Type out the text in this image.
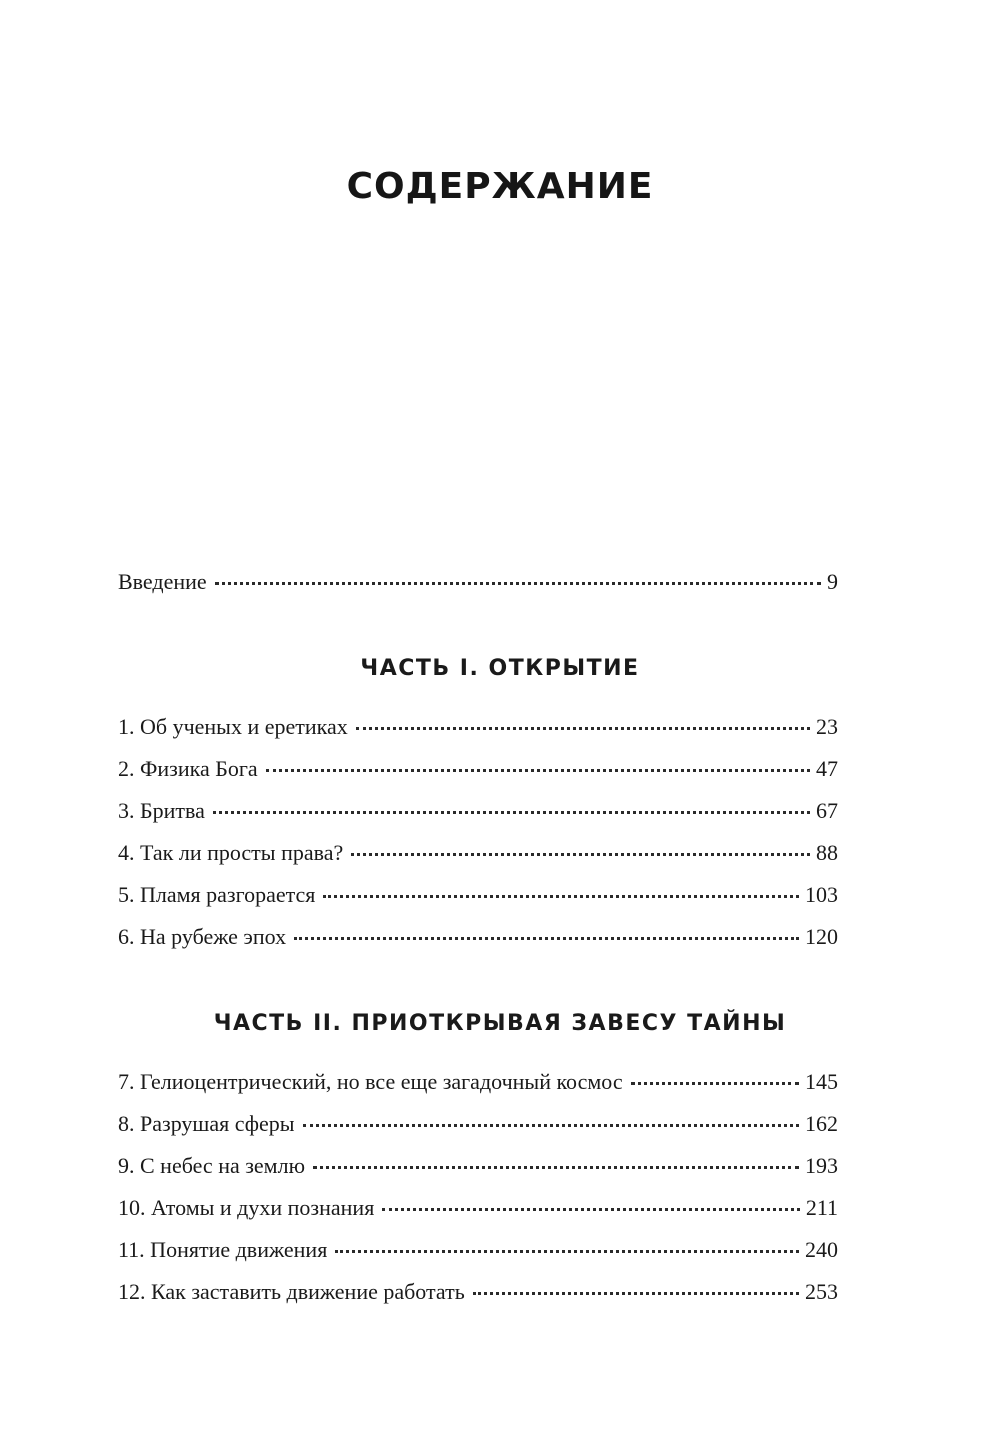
СОДЕРЖАНИЕ
Введение	9
ЧАСТЬ I. ОТКРЫТИЕ
1. Об ученых и еретиках	23
2. Физика Бога	47
3. Бритва	67
4. Так ли просты права?	88
5. Пламя разгорается	103
6. На рубеже эпох	120
ЧАСТЬ II. ПРИОТКРЫВАЯ ЗАВЕСУ ТАЙНЫ
7. Гелиоцентрический, но все еще загадочный космос	145
8. Разрушая сферы	162
9. С небес на землю	193
10. Атомы и духи познания	211
11. Понятие движения	240
12. Как заставить движение работать	253
